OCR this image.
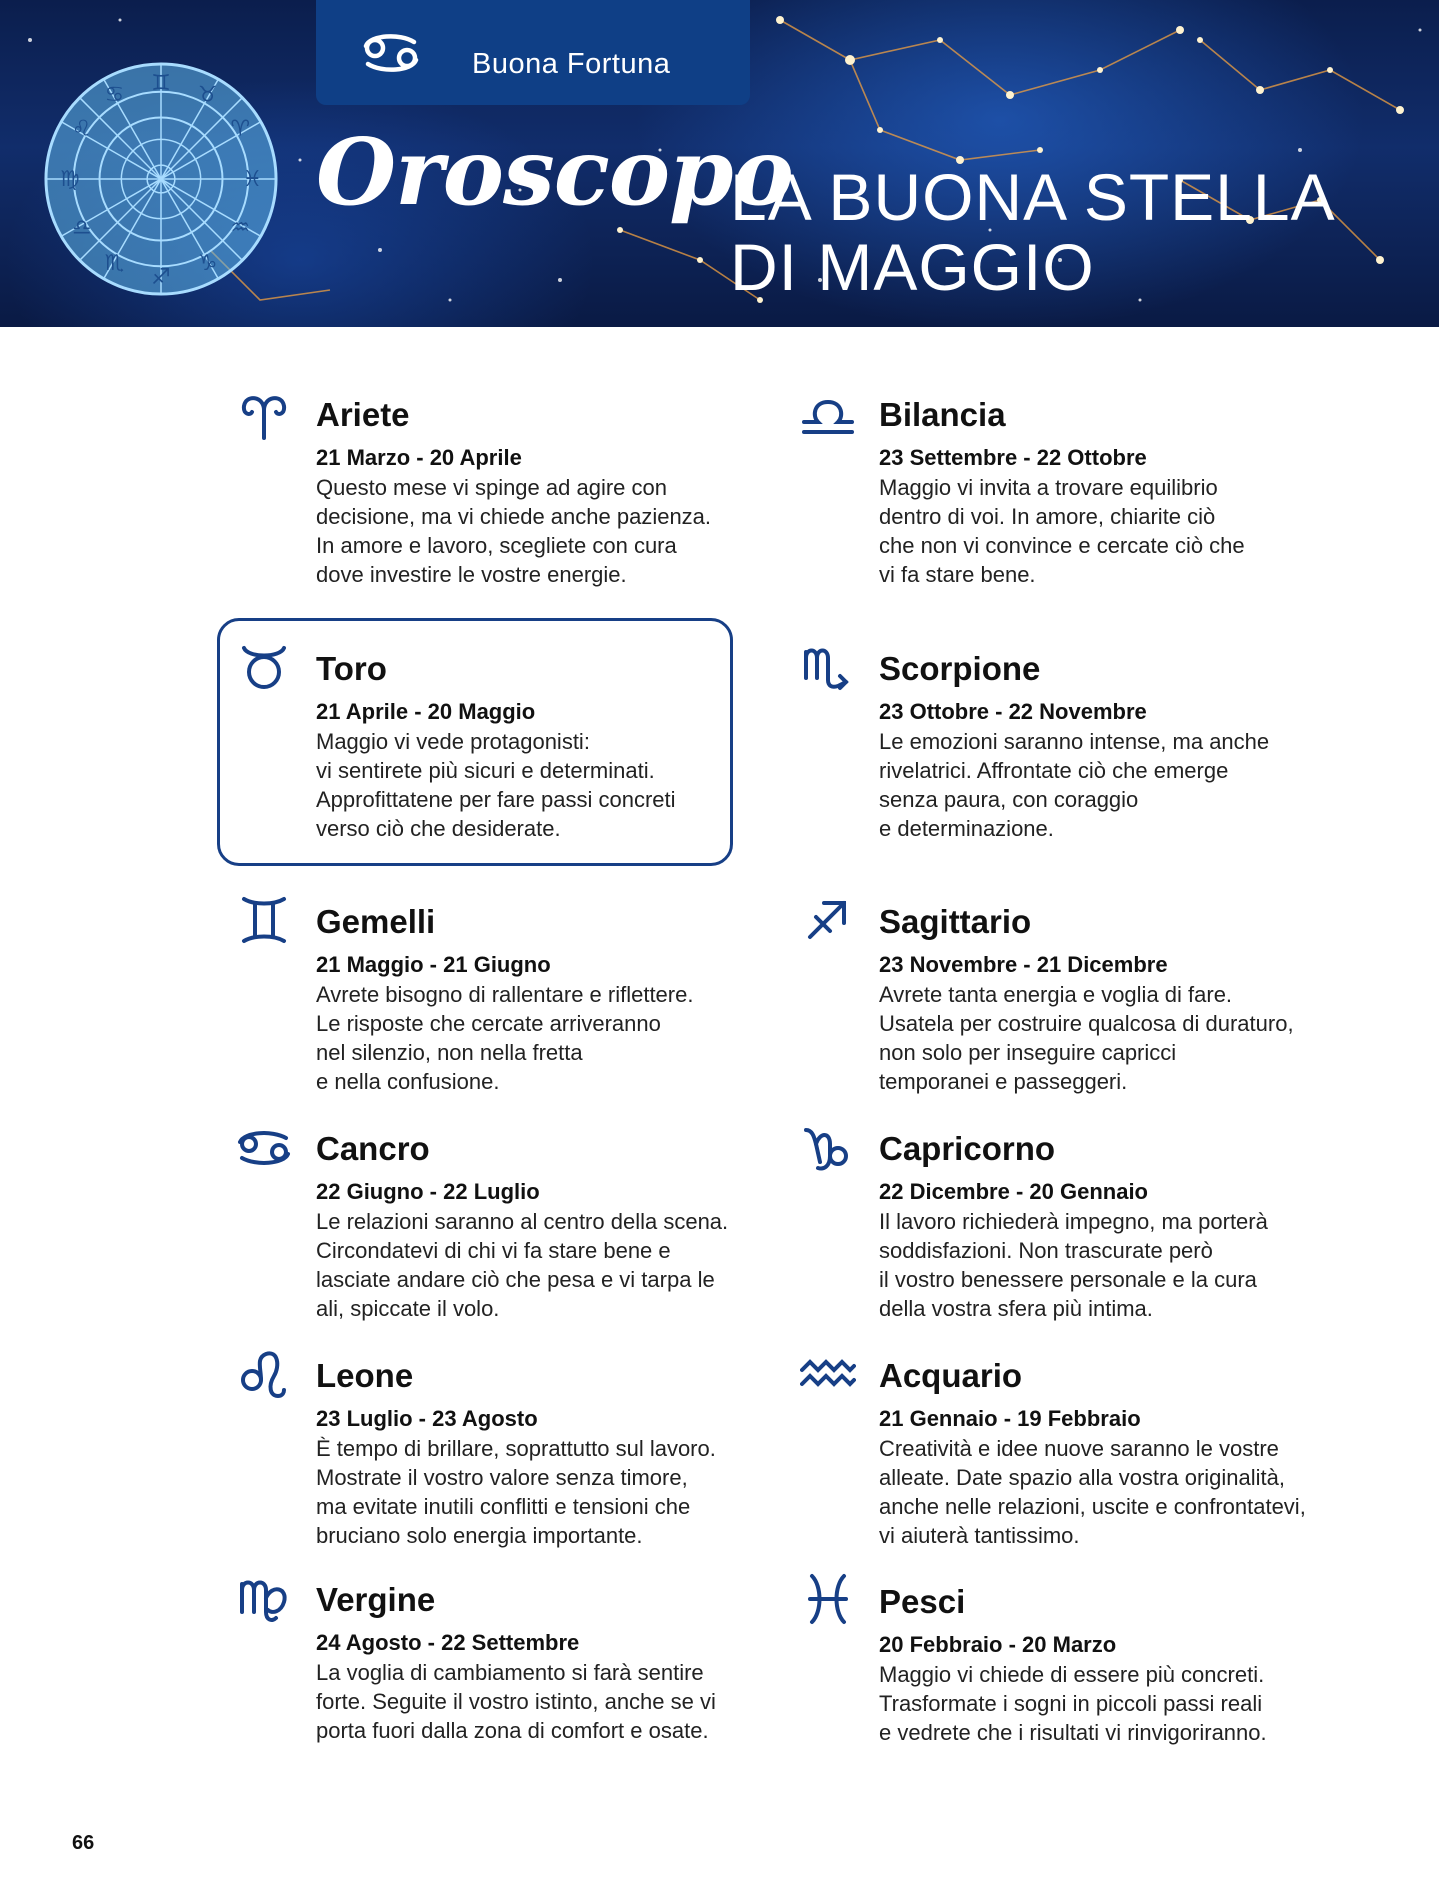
♊ ♉
♈
♓
♒
♑
♐
♏
♎
♍
♌
♋
Buona Fortuna
Oroscopo
LA BUONA STELLA
DI MAGGIO
Ariete
21 Marzo - 20 Aprile
Questo mese vi spinge ad agire con
decisione, ma vi chiede anche pazienza.
In amore e lavoro, scegliete con cura
dove investire le vostre energie.
Toro
21 Aprile - 20 Maggio
Maggio vi vede protagonisti:
vi sentirete più sicuri e determinati.
Approfittatene per fare passi concreti
verso ciò che desiderate.
Gemelli
21 Maggio - 21 Giugno
Avrete bisogno di rallentare e riflettere.
Le risposte che cercate arriveranno
nel silenzio, non nella fretta
e nella confusione.
Cancro
22 Giugno - 22 Luglio
Le relazioni saranno al centro della scena.
Circondatevi di chi vi fa stare bene e
lasciate andare ciò che pesa e vi tarpa le
ali, spiccate il volo.
Leone
23 Luglio - 23 Agosto
È tempo di brillare, soprattutto sul lavoro.
Mostrate il vostro valore senza timore,
ma evitate inutili conflitti e tensioni che
bruciano solo energia importante.
Vergine
24 Agosto - 22 Settembre
La voglia di cambiamento si farà sentire
forte. Seguite il vostro istinto, anche se vi
porta fuori dalla zona di comfort e osate.
Bilancia
23 Settembre - 22 Ottobre
Maggio vi invita a trovare equilibrio
dentro di voi. In amore, chiarite ciò
che non vi convince e cercate ciò che
vi fa stare bene.
Scorpione
23 Ottobre - 22 Novembre
Le emozioni saranno intense, ma anche
rivelatrici. Affrontate ciò che emerge
senza paura, con coraggio
e determinazione.
Sagittario
23 Novembre - 21 Dicembre
Avrete tanta energia e voglia di fare.
Usatela per costruire qualcosa di duraturo,
non solo per inseguire capricci
temporanei e passeggeri.
Capricorno
22 Dicembre - 20 Gennaio
Il lavoro richiederà impegno, ma porterà
soddisfazioni. Non trascurate però
il vostro benessere personale e la cura
della vostra sfera più intima.
Acquario
21 Gennaio - 19 Febbraio
Creatività e idee nuove saranno le vostre
alleate. Date spazio alla vostra originalità,
anche nelle relazioni, uscite e confrontatevi,
vi aiuterà tantissimo.
Pesci
20 Febbraio - 20 Marzo
Maggio vi chiede di essere più concreti.
Trasformate i sogni in piccoli passi reali
e vedrete che i risultati vi rinvigoriranno.
66
